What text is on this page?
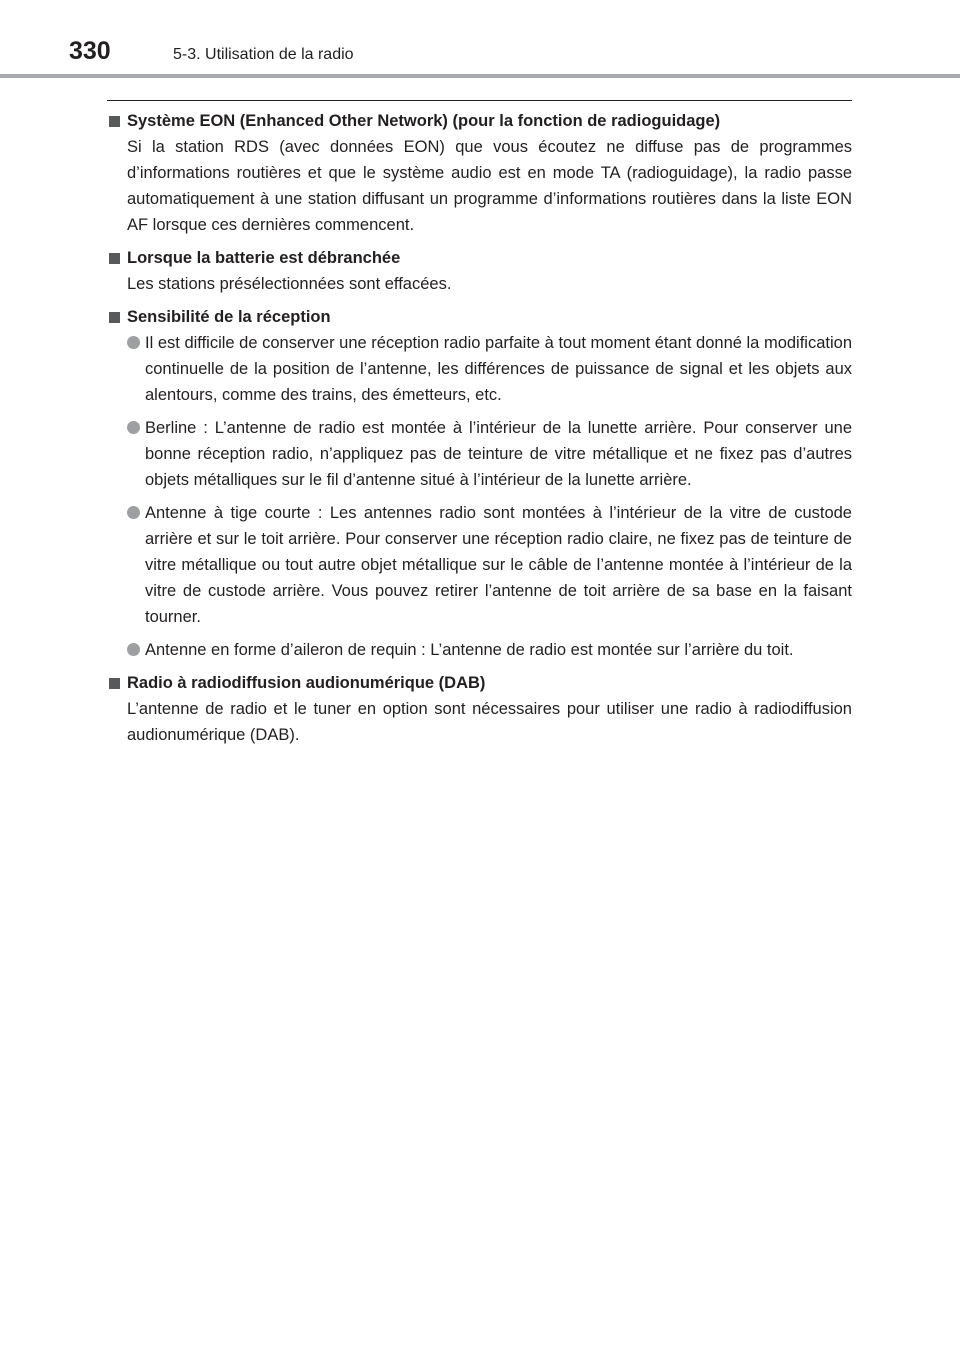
330	5-3. Utilisation de la radio
Système EON (Enhanced Other Network) (pour la fonction de radioguidage)

Si la station RDS (avec données EON) que vous écoutez ne diffuse pas de programmes d’informations routières et que le système audio est en mode TA (radioguidage), la radio passe automatiquement à une station diffusant un programme d’informations routières dans la liste EON AF lorsque ces dernières commencent.

Lorsque la batterie est débranchée

Les stations présélectionnées sont effacées.

Sensibilité de la réception
Il est difficile de conserver une réception radio parfaite à tout moment étant donné la modification continuelle de la position de l’antenne, les différences de puissance de signal et les objets aux alentours, comme des trains, des émetteurs, etc.
Berline : L’antenne de radio est montée à l’intérieur de la lunette arrière. Pour conserver une bonne réception radio, n’appliquez pas de teinture de vitre métallique et ne fixez pas d’autres objets métalliques sur le fil d’antenne situé à l’intérieur de la lunette arrière.
Antenne à tige courte : Les antennes radio sont montées à l’intérieur de la vitre de custode arrière et sur le toit arrière. Pour conserver une réception radio claire, ne fixez pas de teinture de vitre métallique ou tout autre objet métallique sur le câble de l’antenne montée à l’intérieur de la vitre de custode arrière. Vous pouvez retirer l’antenne de toit arrière de sa base en la faisant tourner.
Antenne en forme d’aileron de requin : L’antenne de radio est montée sur l’arrière du toit.
Radio à radiodiffusion audionumérique (DAB)

L’antenne de radio et le tuner en option sont nécessaires pour utiliser une radio à radiodiffusion audionumérique (DAB).
